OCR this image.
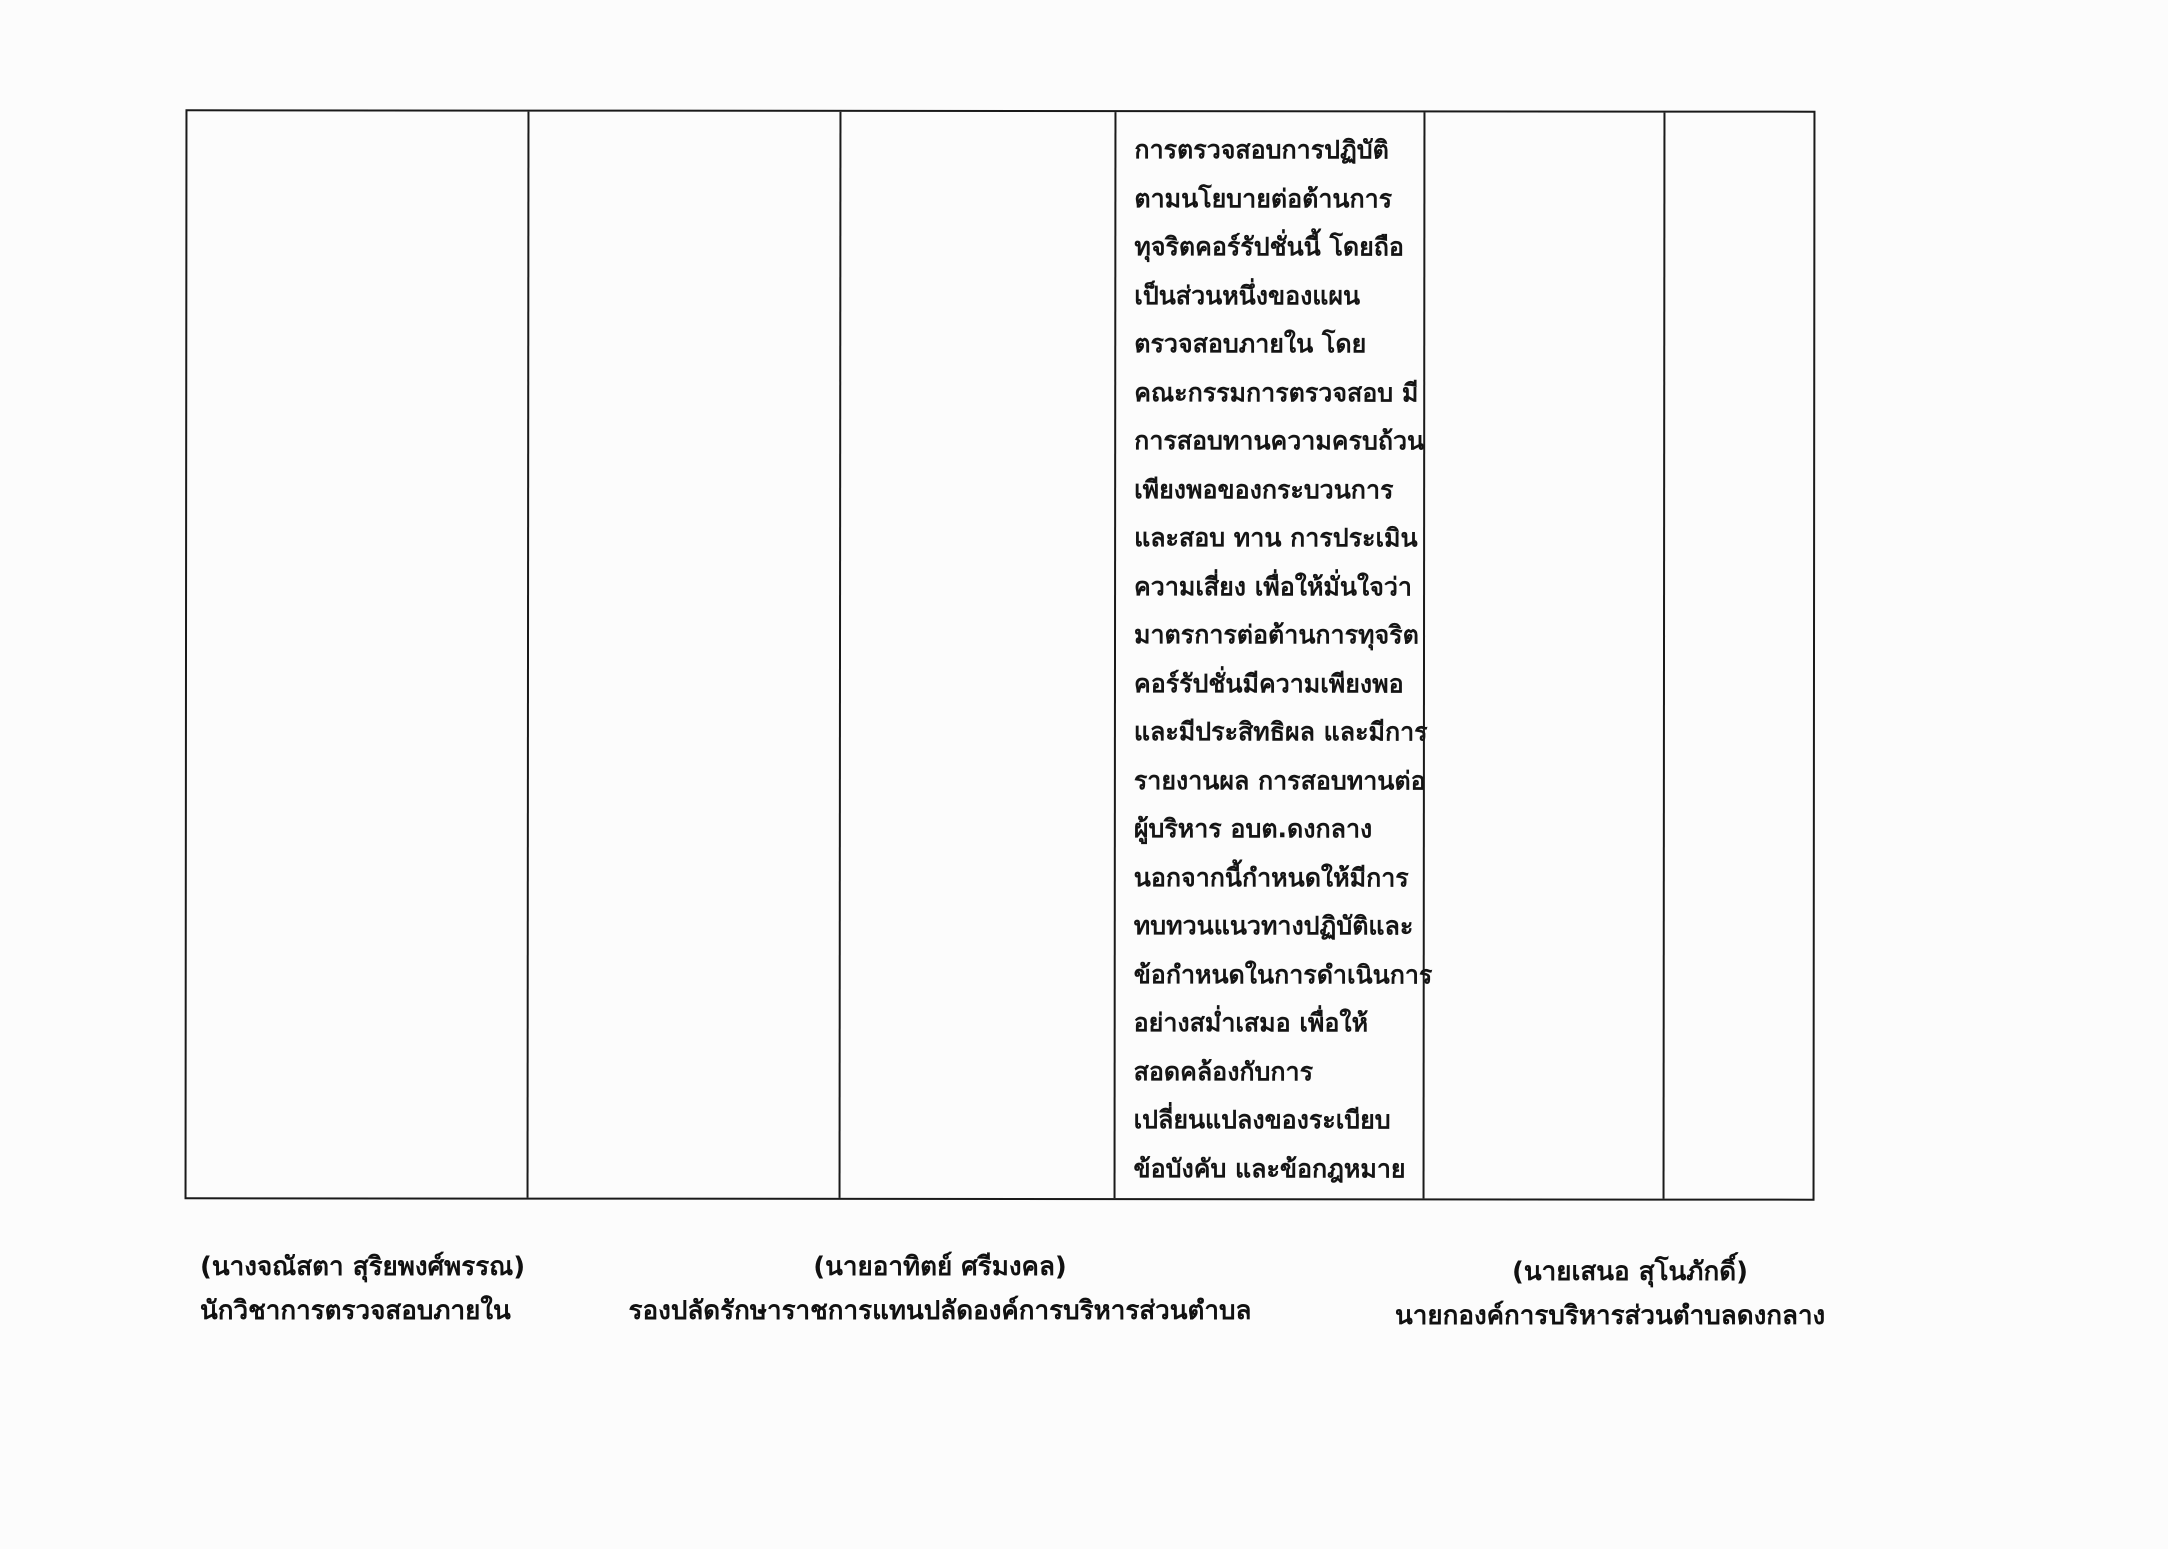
การตรวจสอบการปฏิบัติ
ตามนโยบายต่อต้านการ
ทุจริตคอร์รัปชั่นนี้ โดยถือ
เป็นส่วนหนึ่งของแผน
ตรวจสอบภายใน โดย
คณะกรรมการตรวจสอบ มี
การสอบทานความครบถ้วน
เพียงพอของกระบวนการ
และสอบ ทาน การประเมิน
ความเสี่ยง เพื่อให้มั่นใจว่า
มาตรการต่อต้านการทุจริต
คอร์รัปชั่นมีความเพียงพอ
และมีประสิทธิผล และมีการ
รายงานผล การสอบทานต่อ
ผู้บริหาร อบต.ดงกลาง
นอกจากนี้กำหนดให้มีการ
ทบทวนแนวทางปฏิบัติและ
ข้อกำหนดในการดำเนินการ
อย่างสม่ำเสมอ เพื่อให้
สอดคล้องกับการ
เปลี่ยนแปลงของระเบียบ
ข้อบังคับ และข้อกฎหมาย
(นางจณัสตา สุริยพงศ์พรรณ)
นักวิชาการตรวจสอบภายใน
(นายอาทิตย์ ศรีมงคล)
รองปลัดรักษาราชการแทนปลัดองค์การบริหารส่วนตำบล
(นายเสนอ สุโนภักดิ์)
นายกองค์การบริหารส่วนตำบลดงกลาง
